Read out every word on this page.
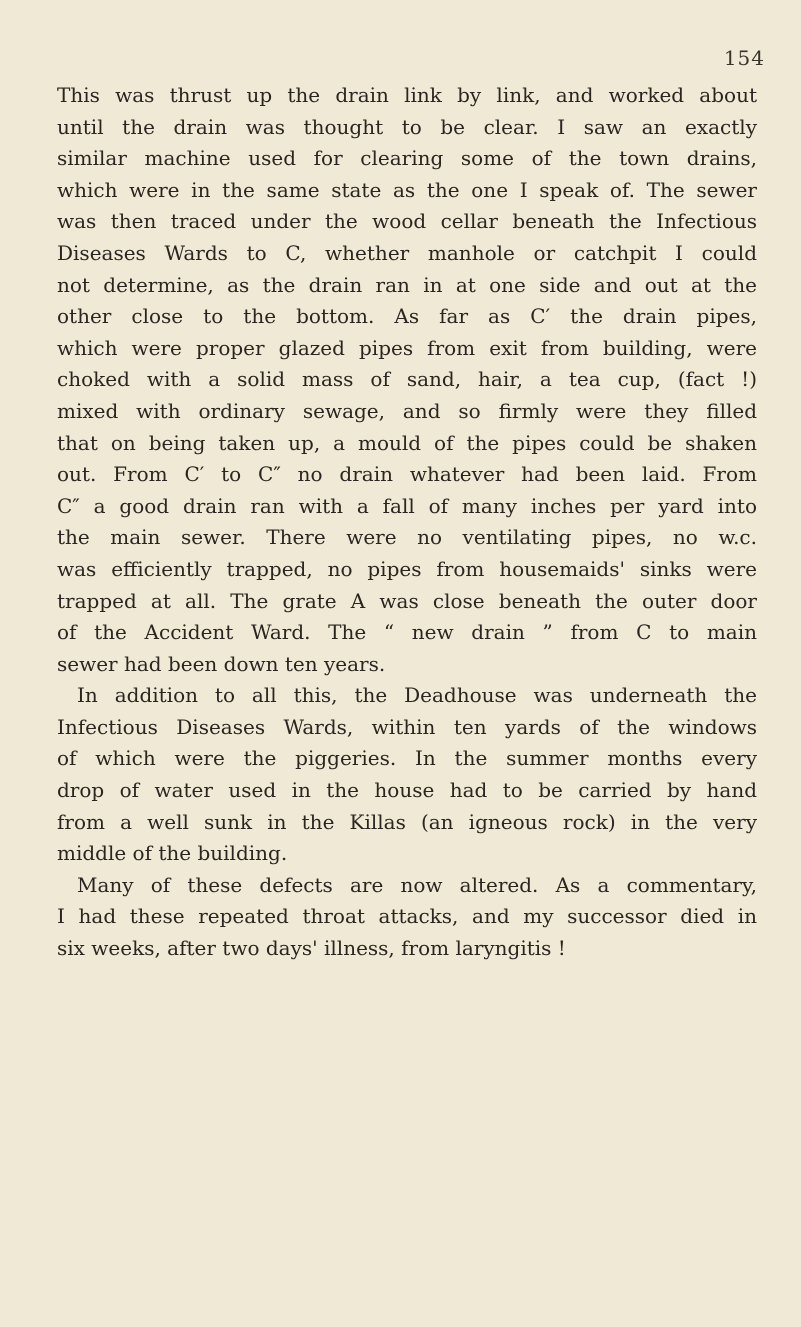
154
This was thrust up the drain link by link, and worked about
until the drain was thought to be clear. I saw an exactly
similar machine used for clearing some of the town drains,
which were in the same state as the one I speak of. The sewer
was then traced under the wood cellar beneath the Infectious
Diseases Wards to C, whether manhole or catchpit I could
not determine, as the drain ran in at one side and out at the
other close to the bottom. As far as C′ the drain pipes,
which were proper glazed pipes from exit from building, were
choked with a solid mass of sand, hair, a tea cup, (fact !)
mixed with ordinary sewage, and so firmly were they filled
that on being taken up, a mould of the pipes could be shaken
out. From C′ to C″ no drain whatever had been laid. From
C″ a good drain ran with a fall of many inches per yard into
the main sewer. There were no ventilating pipes, no w.c.
was efficiently trapped, no pipes from housemaids' sinks were
trapped at all. The grate A was close beneath the outer door
of the Accident Ward. The “ new drain ” from C to main
sewer had been down ten years.
In addition to all this, the Deadhouse was underneath the
Infectious Diseases Wards, within ten yards of the windows
of which were the piggeries. In the summer months every
drop of water used in the house had to be carried by hand
from a well sunk in the Killas (an igneous rock) in the very
middle of the building.
Many of these defects are now altered. As a commentary,
I had these repeated throat attacks, and my successor died in
six weeks, after two days' illness, from laryngitis !
